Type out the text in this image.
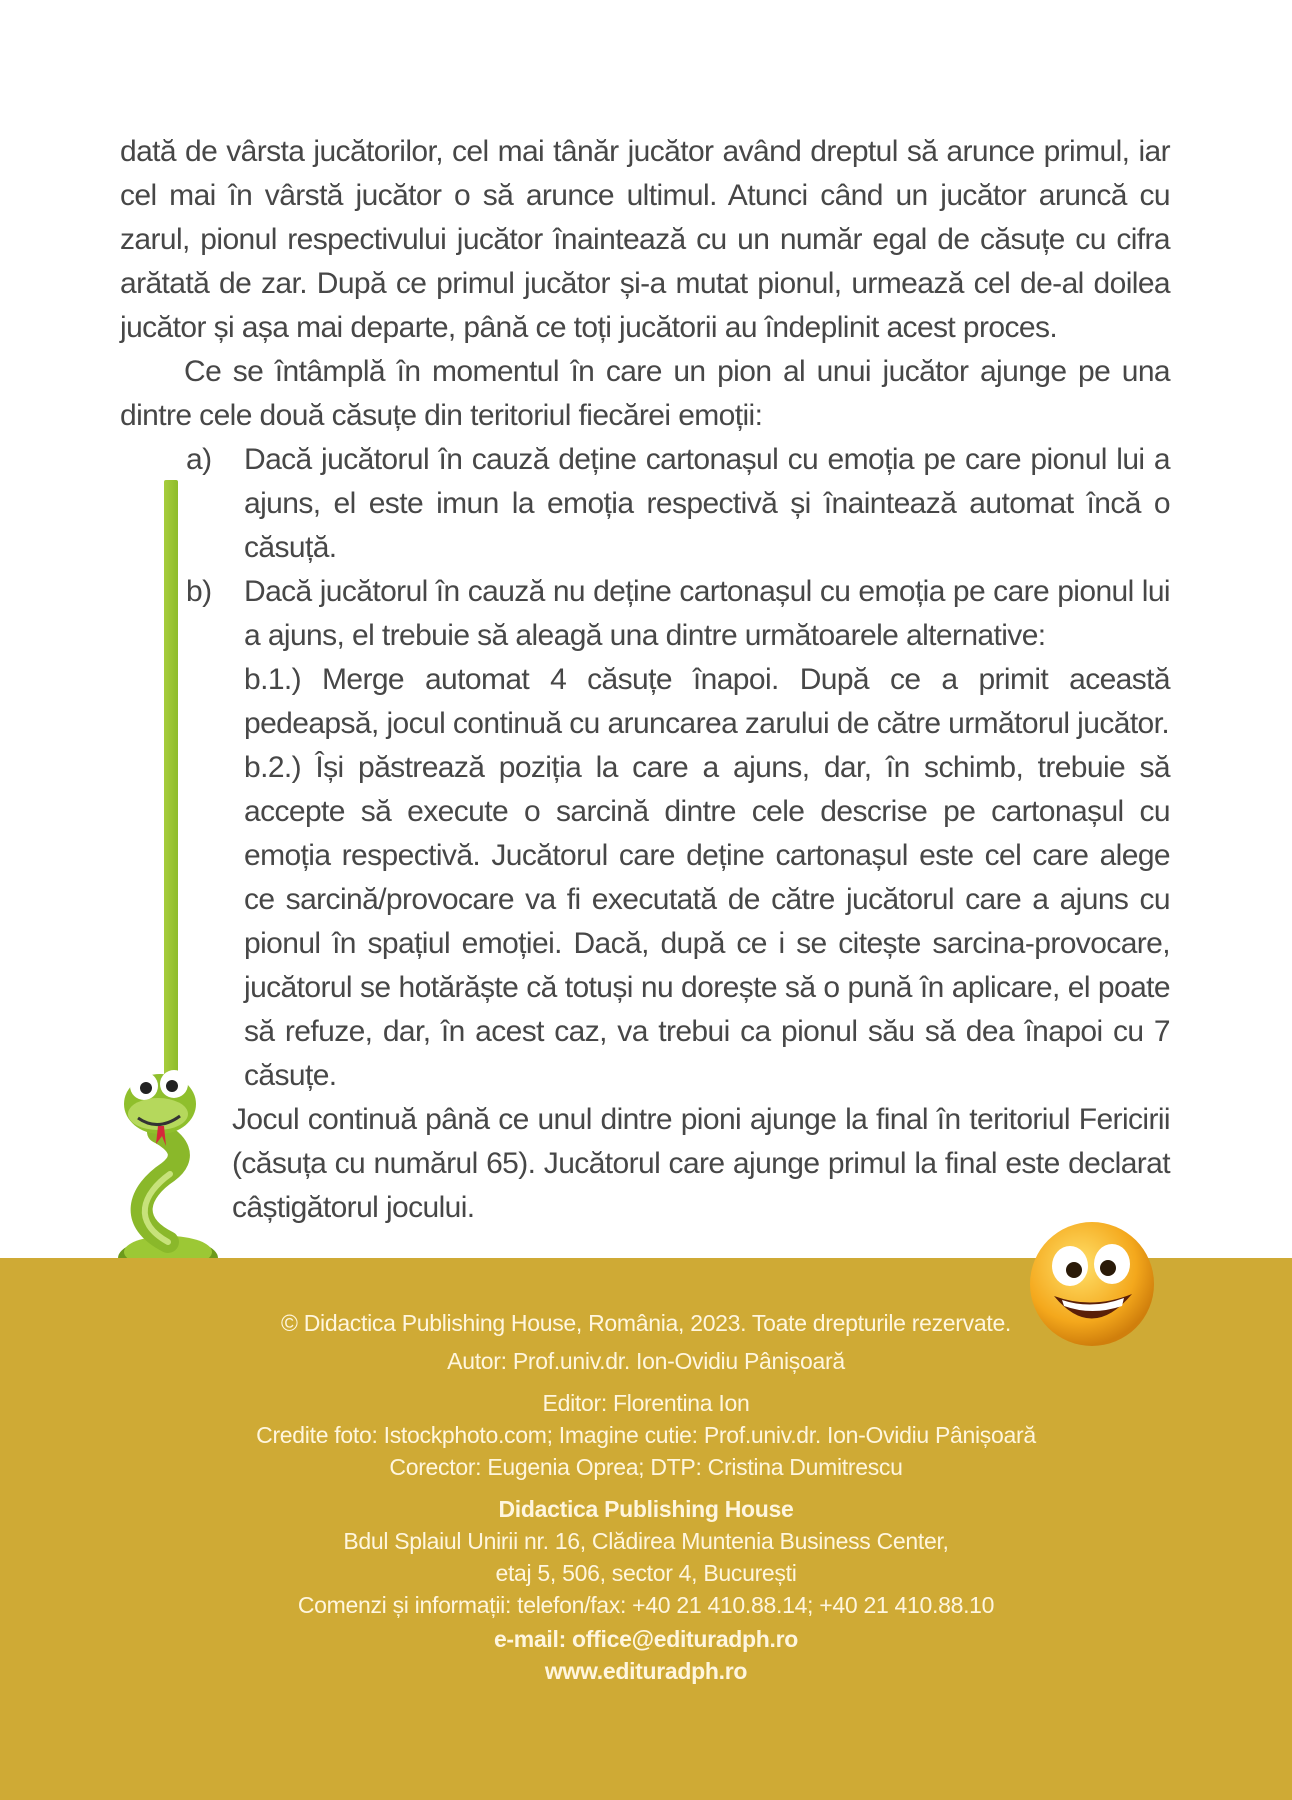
dată de vârsta jucătorilor, cel mai tânăr jucător având dreptul să arunce primul, iar cel mai în vârstă jucător o să arunce ultimul. Atunci când un jucător aruncă cu zarul, pionul respectivului jucător înaintează cu un număr egal de căsuțe cu cifra arătată de zar. După ce primul jucător și-a mutat pionul, urmează cel de-al doilea jucător și așa mai departe, până ce toți jucătorii au îndeplinit acest proces.

Ce se întâmplă în momentul în care un pion al unui jucător ajunge pe una dintre cele două căsuțe din teritoriul fiecărei emoții:

a) Dacă jucătorul în cauză deține cartonașul cu emoția pe care pionul lui a ajuns, el este imun la emoția respectivă și înaintează automat încă o căsuță.

b) Dacă jucătorul în cauză nu deține cartonașul cu emoția pe care pionul lui a ajuns, el trebuie să aleagă una dintre următoarele alternative:

b.1.) Merge automat 4 căsuțe înapoi. După ce a primit această pedeapsă, jocul continuă cu aruncarea zarului de către următorul jucător.

b.2.) Își păstrează poziția la care a ajuns, dar, în schimb, trebuie să accepte să execute o sarcină dintre cele descrise pe cartonașul cu emoția respectivă. Jucătorul care deține cartonașul este cel care alege ce sarcină/provocare va fi executată de către jucătorul care a ajuns cu pionul în spațiul emoției. Dacă, după ce i se citește sarcina-provocare, jucătorul se hotărăște că totuși nu dorește să o pună în aplicare, el poate să refuze, dar, în acest caz, va trebui ca pionul său să dea înapoi cu 7 căsuțe.

Jocul continuă până ce unul dintre pioni ajunge la final în teritoriul Fericirii (căsuța cu numărul 65). Jucătorul care ajunge primul la final este declarat câștigătorul jocului.

© Didactica Publishing House, România, 2023. Toate drepturile rezervate.
Autor: Prof.univ.dr. Ion-Ovidiu Pânișoară
Editor: Florentina Ion
Credite foto: Istockphoto.com; Imagine cutie: Prof.univ.dr. Ion-Ovidiu Pânișoară
Corector: Eugenia Oprea; DTP: Cristina Dumitrescu
Didactica Publishing House
Bdul Splaiul Unirii nr. 16, Clădirea Muntenia Business Center,
etaj 5, 506, sector 4, București
Comenzi și informații: telefon/fax: +40 21 410.88.14; +40 21 410.88.10
e-mail: office@edituradph.ro
www.edituradph.ro
